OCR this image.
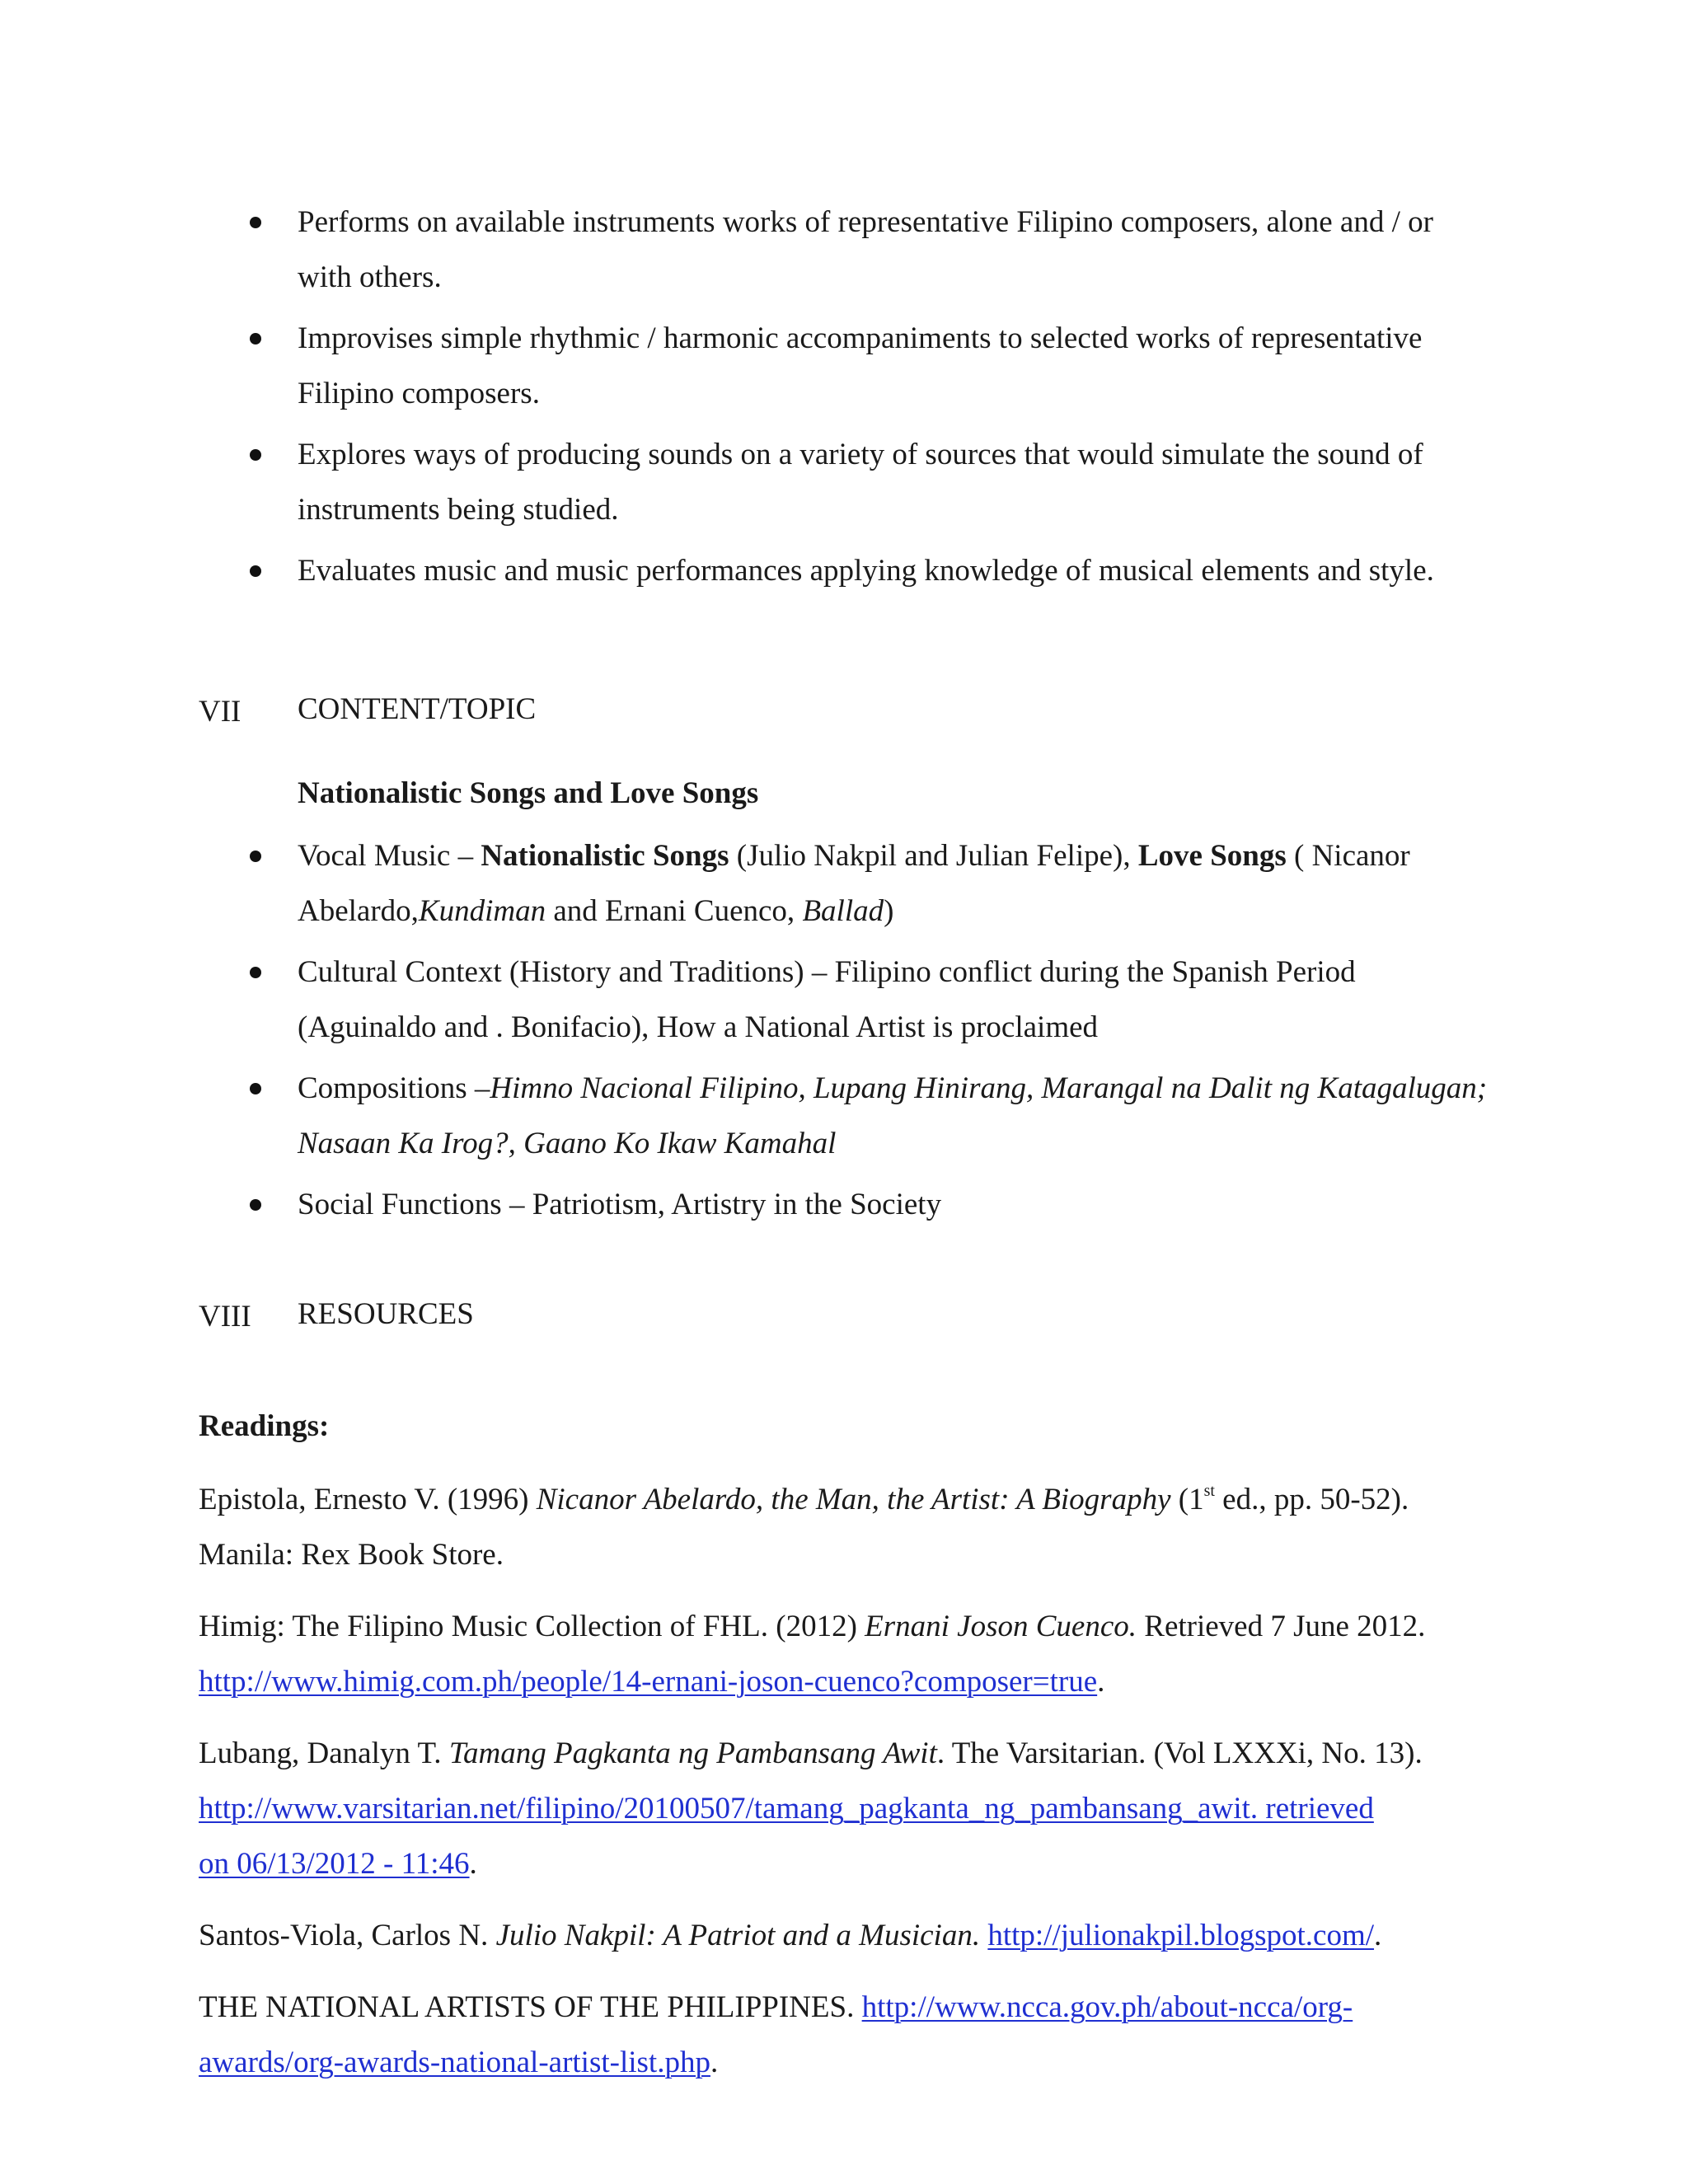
Performs on available instruments works of representative Filipino composers, alone and / or
with others.
Improvises simple rhythmic / harmonic accompaniments to selected works of representative
Filipino composers.
Explores ways of producing sounds on a variety of sources that would simulate the sound of
instruments being studied.
Evaluates music and music performances applying knowledge of musical elements and style.
VII CONTENT/TOPIC
Nationalistic Songs and Love Songs
Vocal Music – Nationalistic Songs (Julio Nakpil and Julian Felipe), Love Songs ( Nicanor
Abelardo,Kundiman and Ernani Cuenco, Ballad)
Cultural Context (History and Traditions) – Filipino conflict during the Spanish Period
(Aguinaldo and . Bonifacio), How a National Artist is proclaimed
Compositions –Himno Nacional Filipino, Lupang Hinirang, Marangal na Dalit ng Katagalugan;
Nasaan Ka Irog?, Gaano Ko Ikaw Kamahal
Social Functions – Patriotism, Artistry in the Society
VIII RESOURCES
Readings:
Epistola, Ernesto V. (1996) Nicanor Abelardo, the Man, the Artist: A Biography (1st ed., pp. 50-52).
Manila: Rex Book Store.
Himig: The Filipino Music Collection of FHL. (2012) Ernani Joson Cuenco. Retrieved 7 June 2012.
http://www.himig.com.ph/people/14-ernani-joson-cuenco?composer=true.
Lubang, Danalyn T. Tamang Pagkanta ng Pambansang Awit. The Varsitarian. (Vol LXXXi, No. 13).
http://www.varsitarian.net/filipino/20100507/tamang_pagkanta_ng_pambansang_awit. retrieved
on 06/13/2012 - 11:46.
Santos-Viola, Carlos N. Julio Nakpil: A Patriot and a Musician. http://julionakpil.blogspot.com/.
THE NATIONAL ARTISTS OF THE PHILIPPINES. http://www.ncca.gov.ph/about-ncca/org-
awards/org-awards-national-artist-list.php.
